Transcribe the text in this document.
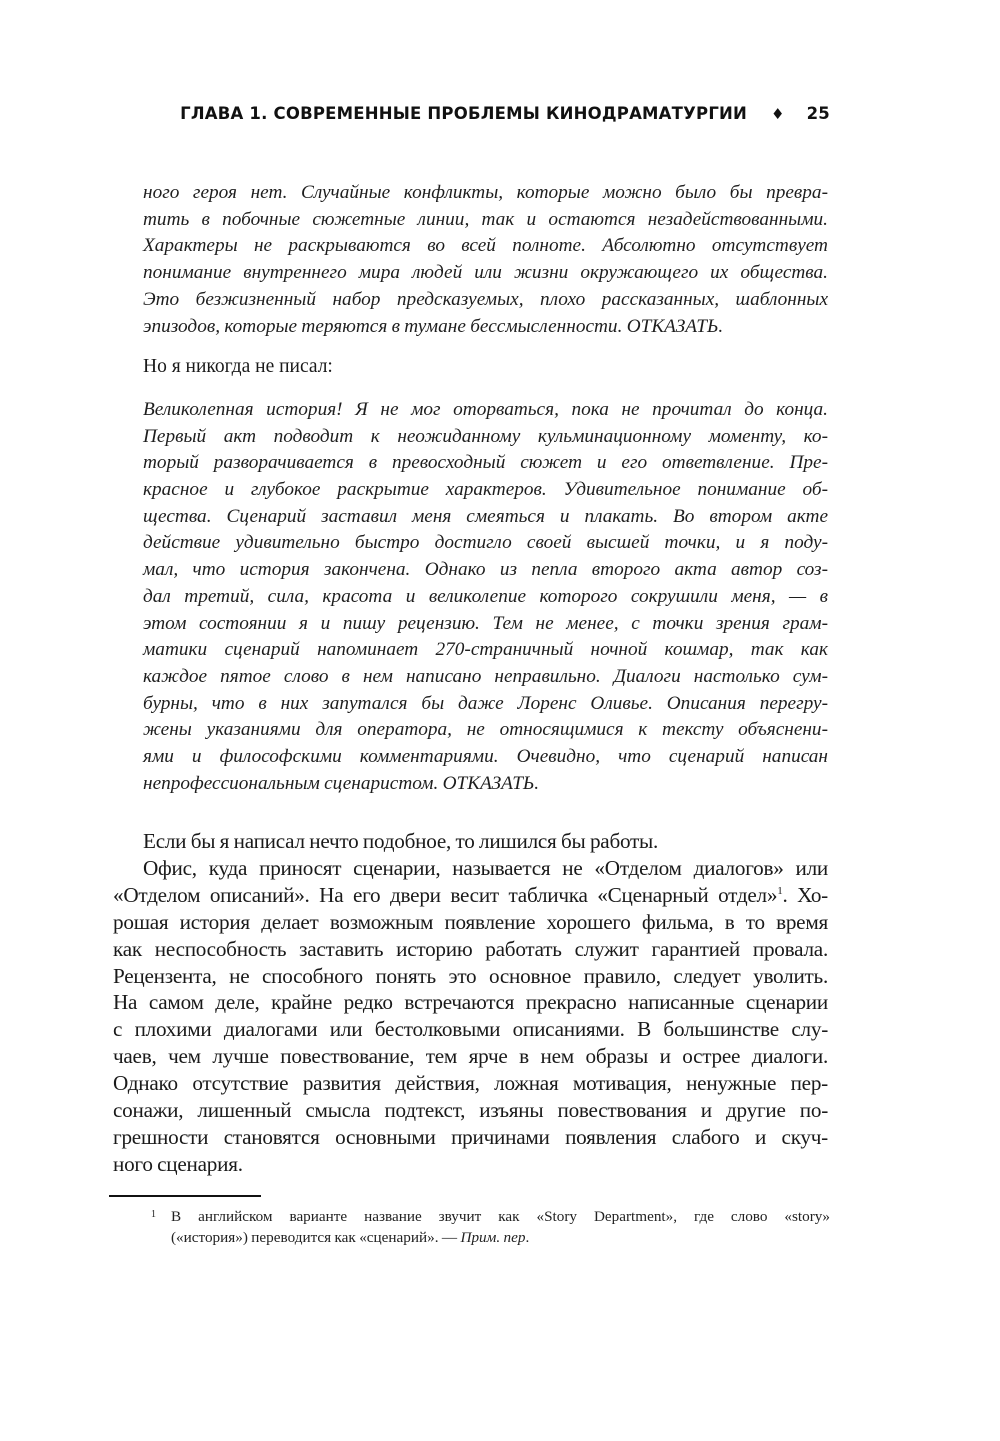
ГЛАВА 1. СОВРЕМЕННЫЕ ПРОБЛЕМЫ КИНОДРАМАТУРГИИ ♦ 25
ного героя нет. Случайные конфликты, которые можно было бы превра-
тить в побочные сюжетные линии, так и остаются незадействованными.
Характеры не раскрываются во всей полноте. Абсолютно отсутствует
понимание внутреннего мира людей или жизни окружающего их общества.
Это безжизненный набор предсказуемых, плохо рассказанных, шаблонных
эпизодов, которые теряются в тумане бессмысленности. ОТКАЗАТЬ.

Но я никогда не писал:

Великолепная история! Я не мог оторваться, пока не прочитал до конца.
Первый акт подводит к неожиданному кульминационному моменту, ко-
торый разворачивается в превосходный сюжет и его ответвление. Пре-
красное и глубокое раскрытие характеров. Удивительное понимание об-
щества. Сценарий заставил меня смеяться и плакать. Во втором акте
действие удивительно быстро достигло своей высшей точки, и я поду-
мал, что история закончена. Однако из пепла второго акта автор соз-
дал третий, сила, красота и великолепие которого сокрушили меня, — в
этом состоянии я и пишу рецензию. Тем не менее, с точки зрения грам-
матики сценарий напоминает 270-страничный ночной кошмар, так как
каждое пятое слово в нем написано неправильно. Диалоги настолько сум-
бурны, что в них запутался бы даже Лоренс Оливье. Описания перегру-
жены указаниями для оператора, не относящимися к тексту объяснени-
ями и философскими комментариями. Очевидно, что сценарий написан
непрофессиональным сценаристом. ОТКАЗАТЬ.
Если бы я написал нечто подобное, то лишился бы работы.
Офис, куда приносят сценарии, называется не «Отделом диалогов» или
«Отделом описаний». На его двери весит табличка «Сценарный отдел»$^1$. Хо-
рошая история делает возможным появление хорошего фильма, в то время
как неспособность заставить историю работать служит гарантией провала.
Рецензента, не способного понять это основное правило, следует уволить.
На самом деле, крайне редко встречаются прекрасно написанные сценарии
с плохими диалогами или бестолковыми описаниями. В большинстве слу-
чаев, чем лучше повествование, тем ярче в нем образы и острее диалоги.
Однако отсутствие развития действия, ложная мотивация, ненужные пер-
сонажи, лишенный смысла подтекст, изъяны повествования и другие по-
грешности становятся основными причинами появления слабого и скуч-
ного сценария.
1 В английском варианте название звучит как «Story Department», где слово «story»
(«история») переводится как «сценарий». — Прим. пер.
